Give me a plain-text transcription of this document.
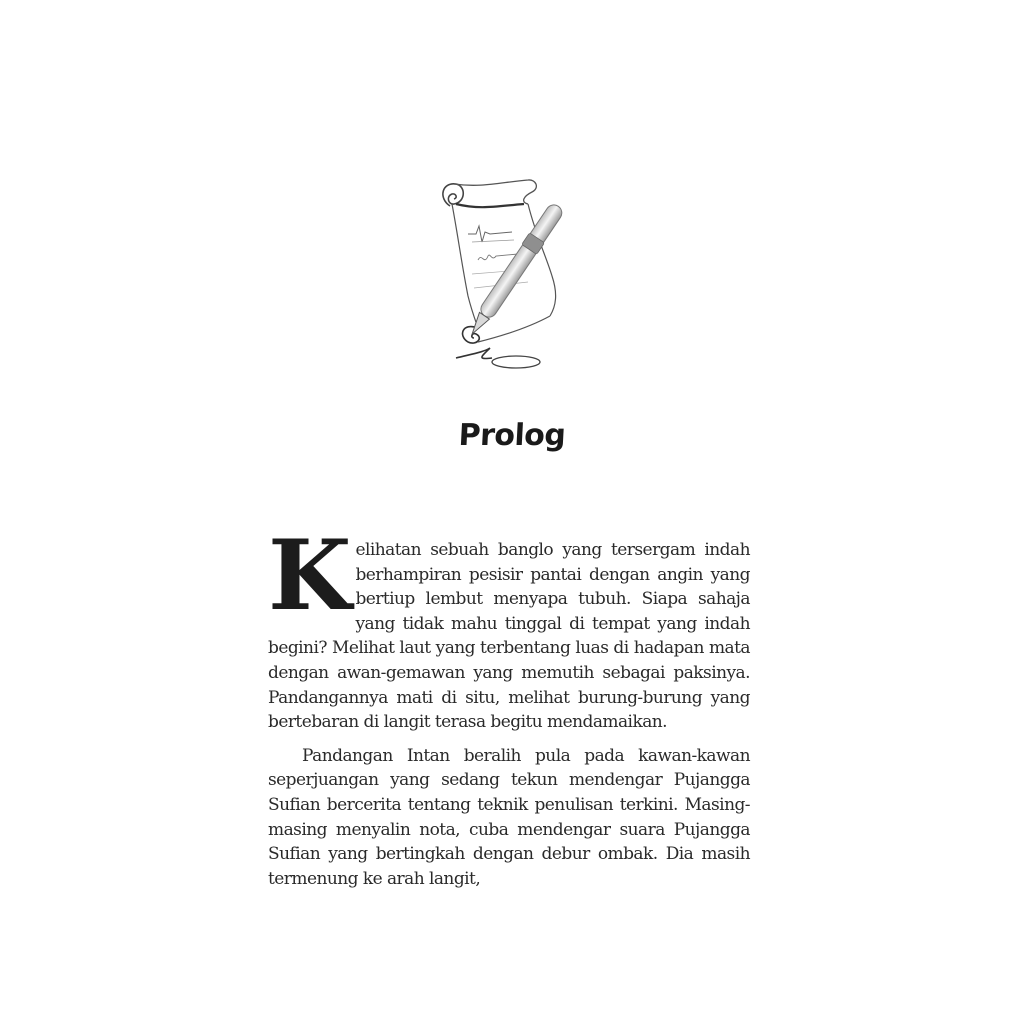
Prolog

Kelihatan sebuah banglo yang tersergam indah berhampiran pesisir pantai dengan angin yang bertiup lembut menyapa tubuh. Siapa sahaja yang tidak mahu tinggal di tempat yang indah begini? Melihat laut yang terbentang luas di hadapan mata dengan awan-gemawan yang memutih sebagai paksinya. Pandangannya mati di situ, melihat burung-burung yang bertebaran di langit terasa begitu mendamaikan.

Pandangan Intan beralih pula pada kawan-kawan seperjuangan yang sedang tekun mendengar Pujangga Sufian bercerita tentang teknik penulisan terkini. Masing-masing menyalin nota, cuba mendengar suara Pujangga Sufian yang bertingkah dengan debur ombak. Dia masih termenung ke arah langit,
